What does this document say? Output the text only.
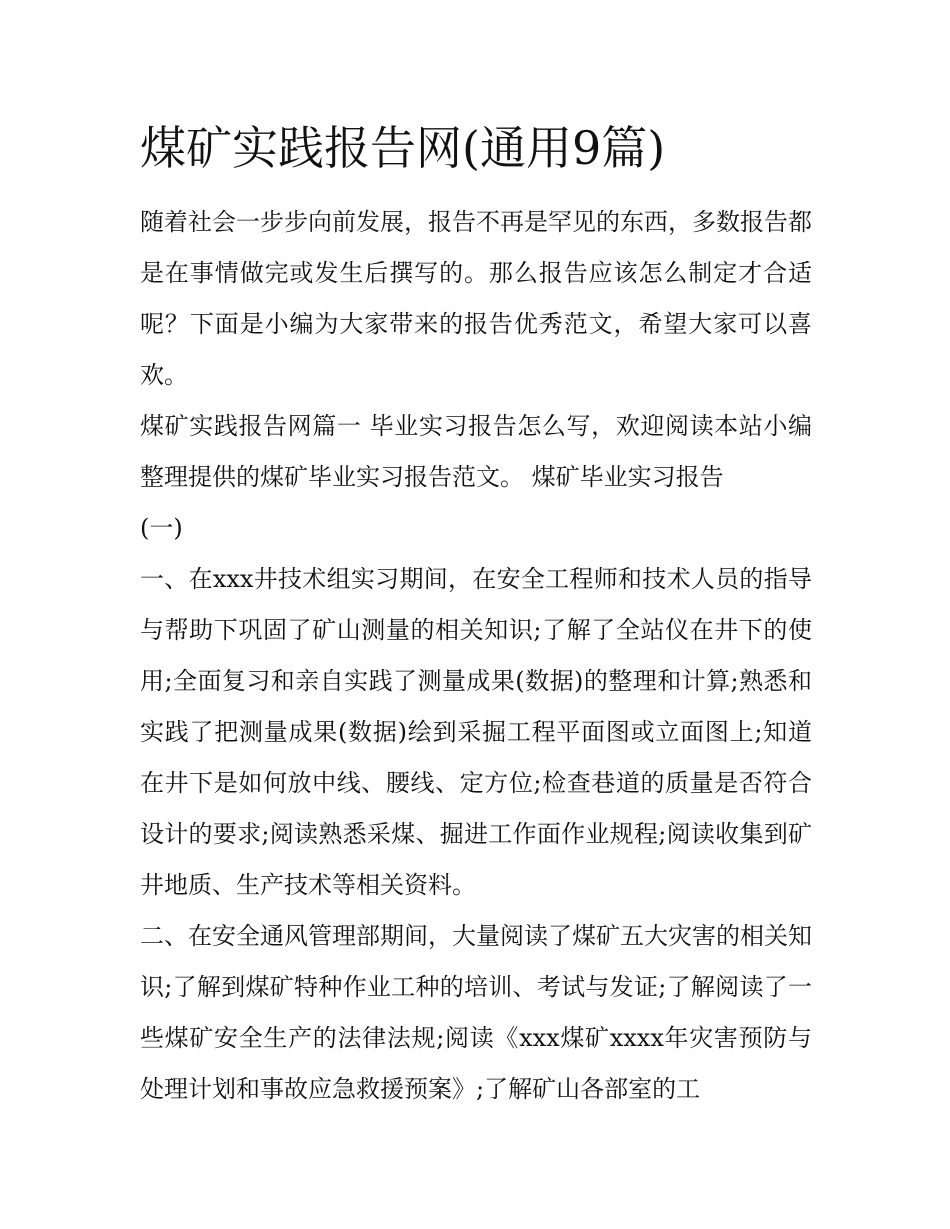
煤矿实践报告网(通用9篇)

随着社会一步步向前发展，报告不再是罕见的东西，多数报告都是在事情做完或发生后撰写的。那么报告应该怎么制定才合适呢？下面是小编为大家带来的报告优秀范文，希望大家可以喜欢。

煤矿实践报告网篇一 毕业实习报告怎么写，欢迎阅读本站小编整理提供的煤矿毕业实习报告范文。 煤矿毕业实习报告

(一)

一、在xxx井技术组实习期间，在安全工程师和技术人员的指导与帮助下巩固了矿山测量的相关知识;了解了全站仪在井下的使用;全面复习和亲自实践了测量成果(数据)的整理和计算;熟悉和实践了把测量成果(数据)绘到采掘工程平面图或立面图上;知道在井下是如何放中线、腰线、定方位;检查巷道的质量是否符合设计的要求;阅读熟悉采煤、掘进工作面作业规程;阅读收集到矿井地质、生产技术等相关资料。

二、在安全通风管理部期间，大量阅读了煤矿五大灾害的相关知识;了解到煤矿特种作业工种的培训、考试与发证;了解阅读了一些煤矿安全生产的法律法规;阅读《xxx煤矿xxxx年灾害预防与处理计划和事故应急救援预案》;了解矿山各部室的工
